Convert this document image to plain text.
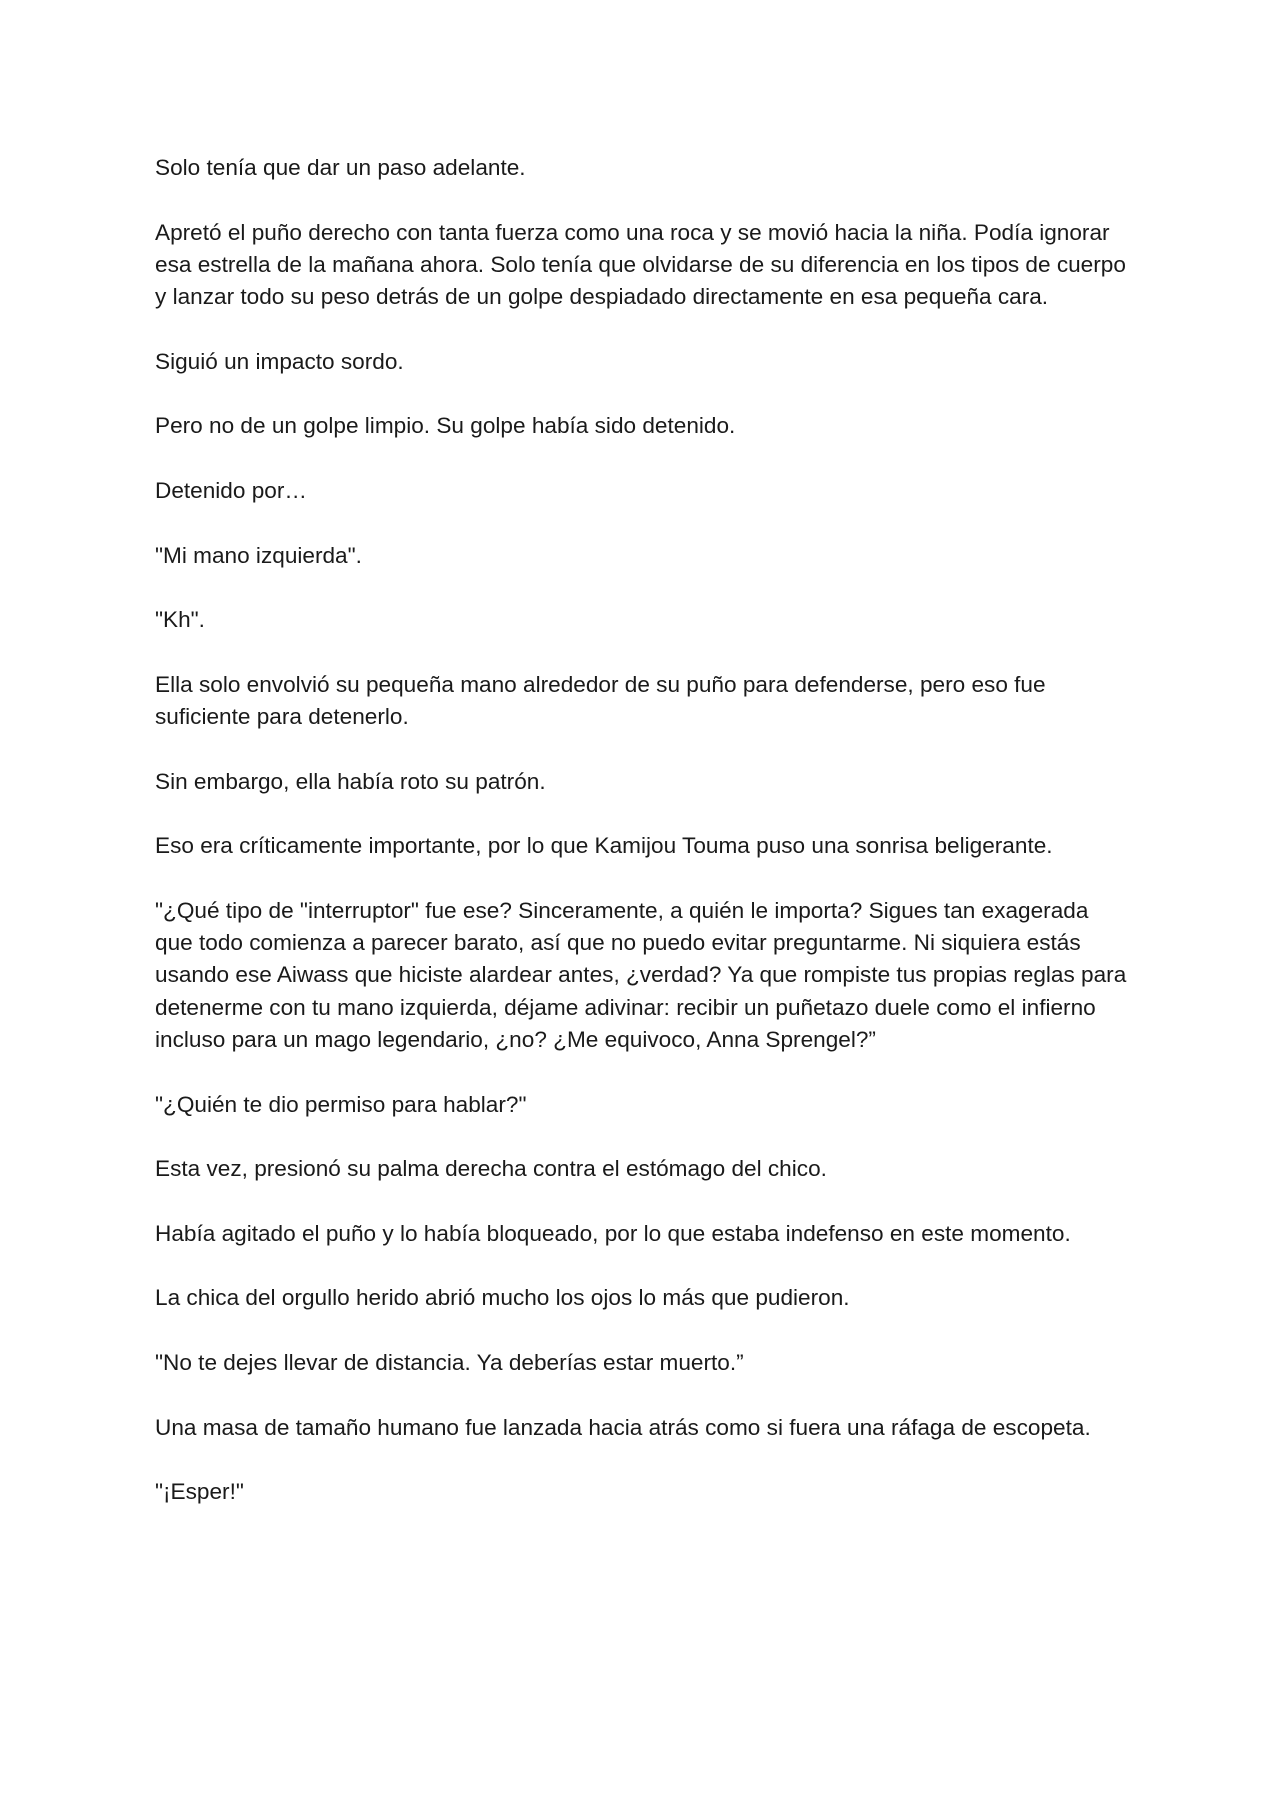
Solo tenía que dar un paso adelante.

Apretó el puño derecho con tanta fuerza como una roca y se movió hacia la niña. Podía ignorar esa estrella de la mañana ahora. Solo tenía que olvidarse de su diferencia en los tipos de cuerpo y lanzar todo su peso detrás de un golpe despiadado directamente en esa pequeña cara.

Siguió un impacto sordo.

Pero no de un golpe limpio. Su golpe había sido detenido.

Detenido por…

"Mi mano izquierda".

"Kh".

Ella solo envolvió su pequeña mano alrededor de su puño para defenderse, pero eso fue suficiente para detenerlo.

Sin embargo, ella había roto su patrón.

Eso era críticamente importante, por lo que Kamijou Touma puso una sonrisa beligerante.

"¿Qué tipo de "interruptor" fue ese? Sinceramente, a quién le importa? Sigues tan exagerada que todo comienza a parecer barato, así que no puedo evitar preguntarme. Ni siquiera estás usando ese Aiwass que hiciste alardear antes, ¿verdad? Ya que rompiste tus propias reglas para detenerme con tu mano izquierda, déjame adivinar: recibir un puñetazo duele como el infierno incluso para un mago legendario, ¿no? ¿Me equivoco, Anna Sprengel?”

"¿Quién te dio permiso para hablar?"

Esta vez, presionó su palma derecha contra el estómago del chico.

Había agitado el puño y lo había bloqueado, por lo que estaba indefenso en este momento.

La chica del orgullo herido abrió mucho los ojos lo más que pudieron.

"No te dejes llevar de distancia. Ya deberías estar muerto.”

Una masa de tamaño humano fue lanzada hacia atrás como si fuera una ráfaga de escopeta.

"¡Esper!"
